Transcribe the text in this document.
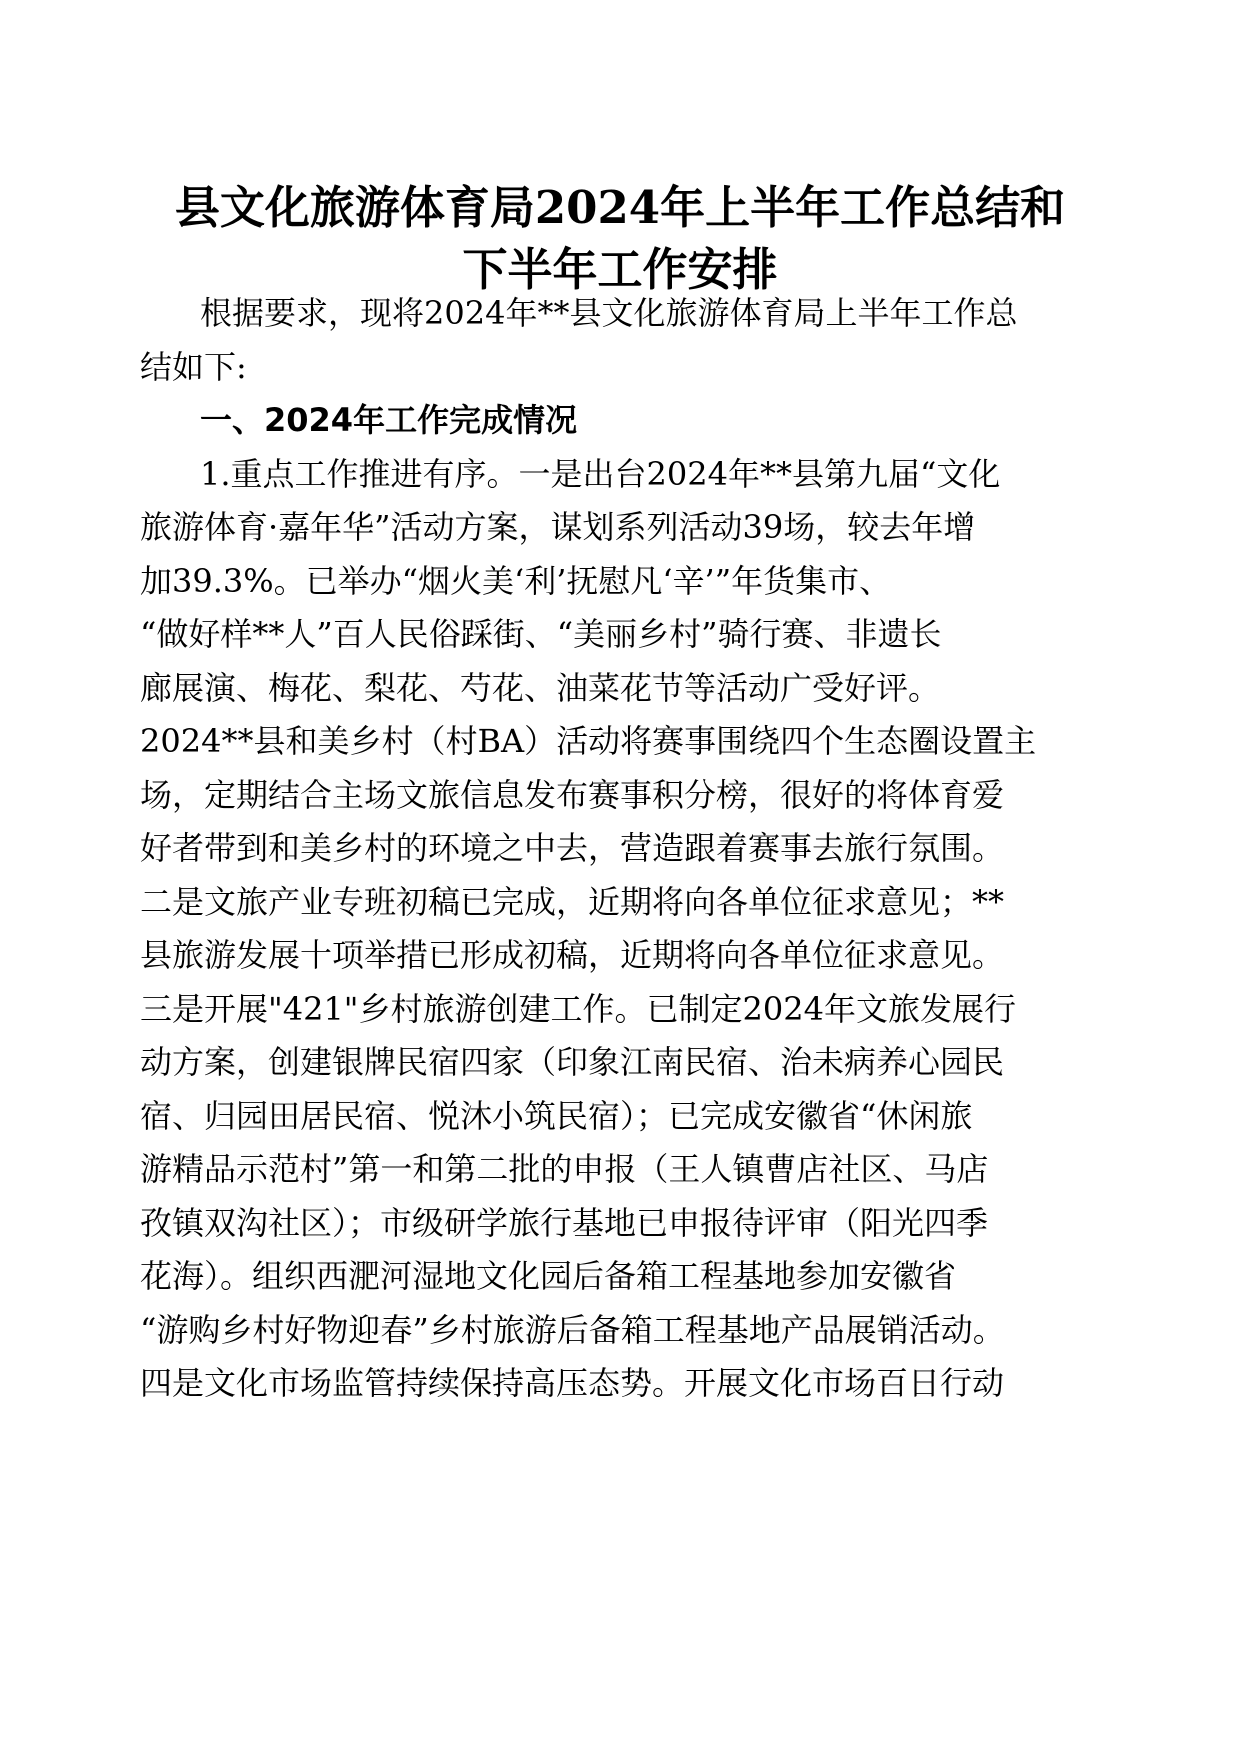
县文化旅游体育局2024年上半年工作总结和
下半年工作安排

根据要求，现将2024年**县文化旅游体育局上半年工作总

结如下:

一、2024年工作完成情况

1.重点工作推进有序。一是出台2024年**县第九届“文化

旅游体育·嘉年华”活动方案，谋划系列活动39场，较去年增

加39.3%。已举办“烟火美‘利’抚慰凡‘辛’”年货集市、

“做好样**人”百人民俗踩街、“美丽乡村”骑行赛、非遗长

廊展演、梅花、梨花、芍花、油菜花节等活动广受好评。

2024**县和美乡村（村BA）活动将赛事围绕四个生态圈设置主

场，定期结合主场文旅信息发布赛事积分榜，很好的将体育爱

好者带到和美乡村的环境之中去，营造跟着赛事去旅行氛围。

二是文旅产业专班初稿已完成，近期将向各单位征求意见；**

县旅游发展十项举措已形成初稿，近期将向各单位征求意见。

三是开展"421"乡村旅游创建工作。已制定2024年文旅发展行

动方案，创建银牌民宿四家（印象江南民宿、治未病养心园民

宿、归园田居民宿、悦沐小筑民宿）；已完成安徽省“休闲旅

游精品示范村”第一和第二批的申报（王人镇曹店社区、马店

孜镇双沟社区）；市级研学旅行基地已申报待评审（阳光四季

花海）。组织西淝河湿地文化园后备箱工程基地参加安徽省

“游购乡村好物迎春”乡村旅游后备箱工程基地产品展销活动。

四是文化市场监管持续保持高压态势。开展文化市场百日行动
